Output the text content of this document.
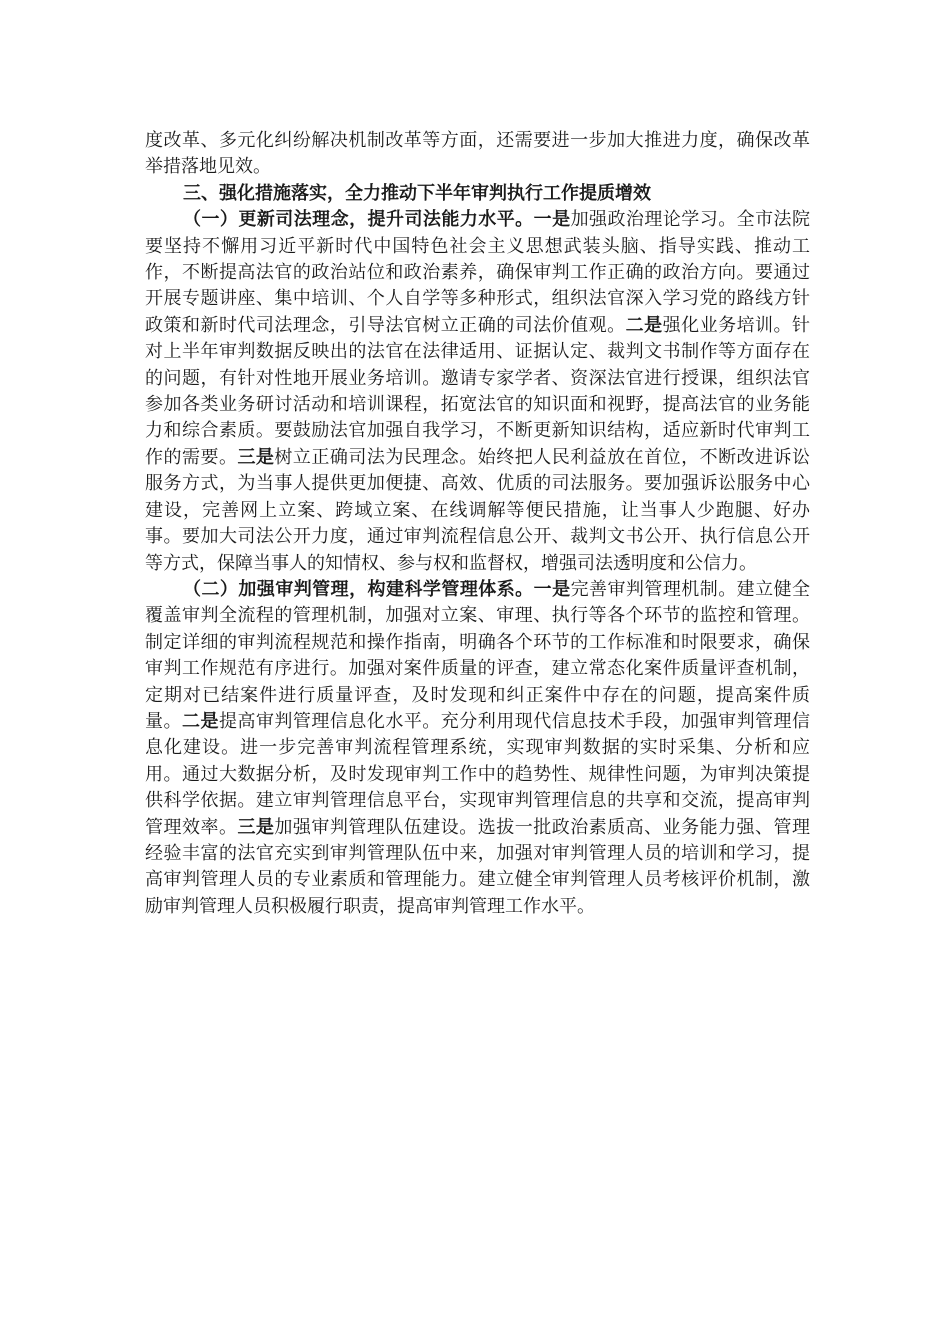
度改革、多元化纠纷解决机制改革等方面，还需要进一步加大推进力度，确保改革举措落地见效。

三、强化措施落实，全力推动下半年审判执行工作提质增效

（一）更新司法理念，提升司法能力水平。一是加强政治理论学习。全市法院要坚持不懈用习近平新时代中国特色社会主义思想武装头脑、指导实践、推动工作，不断提高法官的政治站位和政治素养，确保审判工作正确的政治方向。要通过开展专题讲座、集中培训、个人自学等多种形式，组织法官深入学习党的路线方针政策和新时代司法理念，引导法官树立正确的司法价值观。二是强化业务培训。针对上半年审判数据反映出的法官在法律适用、证据认定、裁判文书制作等方面存在的问题，有针对性地开展业务培训。邀请专家学者、资深法官进行授课，组织法官参加各类业务研讨活动和培训课程，拓宽法官的知识面和视野，提高法官的业务能力和综合素质。要鼓励法官加强自我学习，不断更新知识结构，适应新时代审判工作的需要。三是树立正确司法为民理念。始终把人民利益放在首位，不断改进诉讼服务方式，为当事人提供更加便捷、高效、优质的司法服务。要加强诉讼服务中心建设，完善网上立案、跨域立案、在线调解等便民措施，让当事人少跑腿、好办事。要加大司法公开力度，通过审判流程信息公开、裁判文书公开、执行信息公开等方式，保障当事人的知情权、参与权和监督权，增强司法透明度和公信力。

（二）加强审判管理，构建科学管理体系。一是完善审判管理机制。建立健全覆盖审判全流程的管理机制，加强对立案、审理、执行等各个环节的监控和管理。制定详细的审判流程规范和操作指南，明确各个环节的工作标准和时限要求，确保审判工作规范有序进行。加强对案件质量的评查，建立常态化案件质量评查机制，定期对已结案件进行质量评查，及时发现和纠正案件中存在的问题，提高案件质量。二是提高审判管理信息化水平。充分利用现代信息技术手段，加强审判管理信息化建设。进一步完善审判流程管理系统，实现审判数据的实时采集、分析和应用。通过大数据分析，及时发现审判工作中的趋势性、规律性问题，为审判决策提供科学依据。建立审判管理信息平台，实现审判管理信息的共享和交流，提高审判管理效率。三是加强审判管理队伍建设。选拔一批政治素质高、业务能力强、管理经验丰富的法官充实到审判管理队伍中来，加强对审判管理人员的培训和学习，提高审判管理人员的专业素质和管理能力。建立健全审判管理人员考核评价机制，激励审判管理人员积极履行职责，提高审判管理工作水平。
